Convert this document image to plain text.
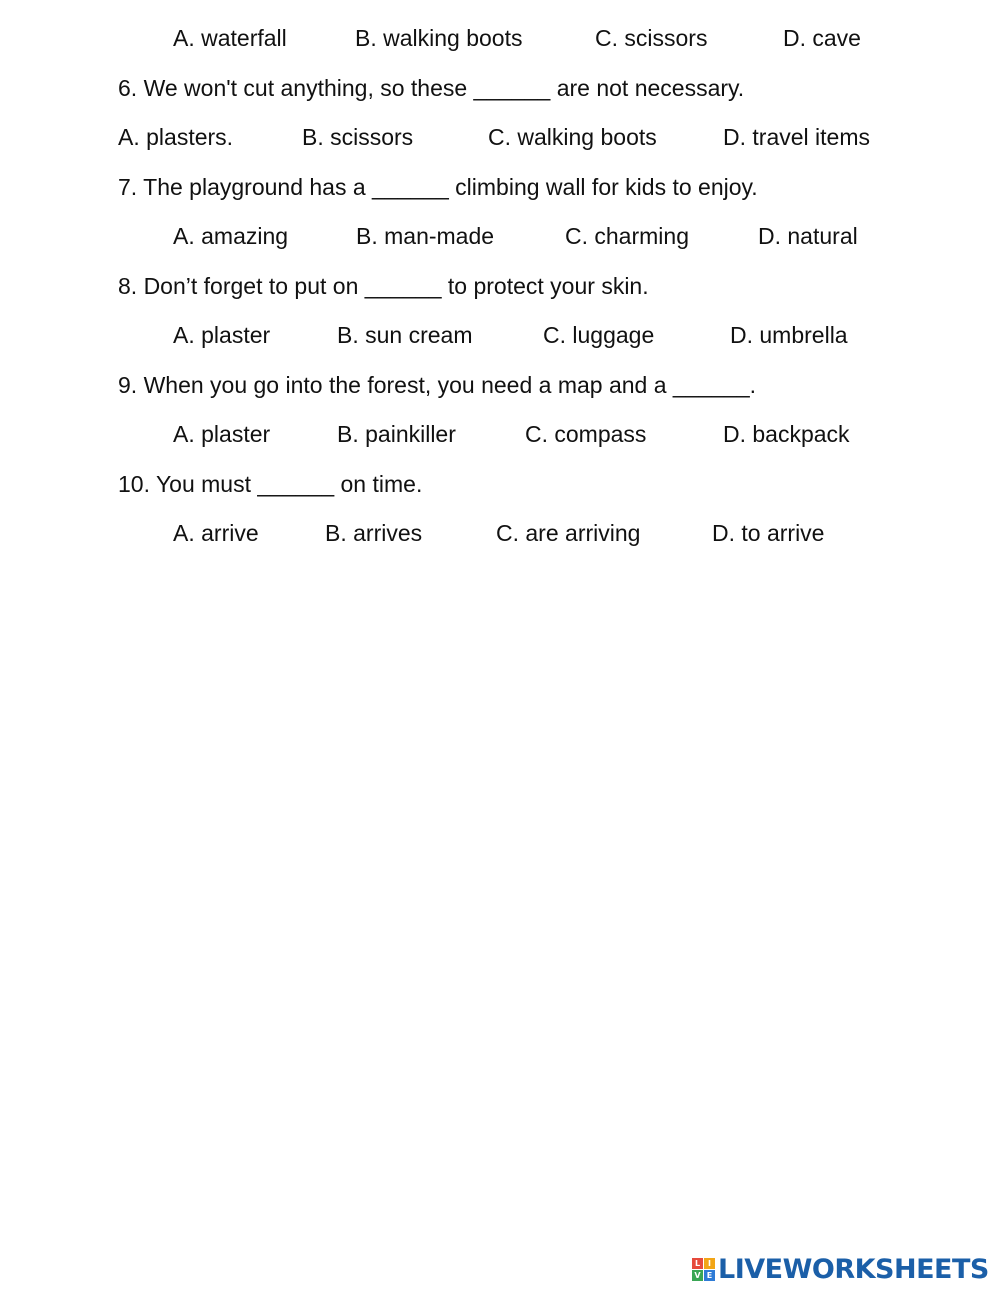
A. waterfall	B. walking boots	C. scissors	D. cave
6. We won't cut anything, so these ______ are not necessary.
A. plasters.	B. scissors	C. walking boots	D. travel items
7. The playground has a ______ climbing wall for kids to enjoy.
A. amazing	B. man-made	C. charming	D. natural
8. Don’t forget to put on ______ to protect your skin.
A. plaster	B. sun cream	C. luggage	D. umbrella
9. When you go into the forest, you need a map and a ______.
A. plaster	B. painkiller	C. compass	D. backpack
10. You must ______ on time.
A. arrive	B. arrives	C. are arriving	D. to arrive
L I
V E LIVEWORKSHEETS
